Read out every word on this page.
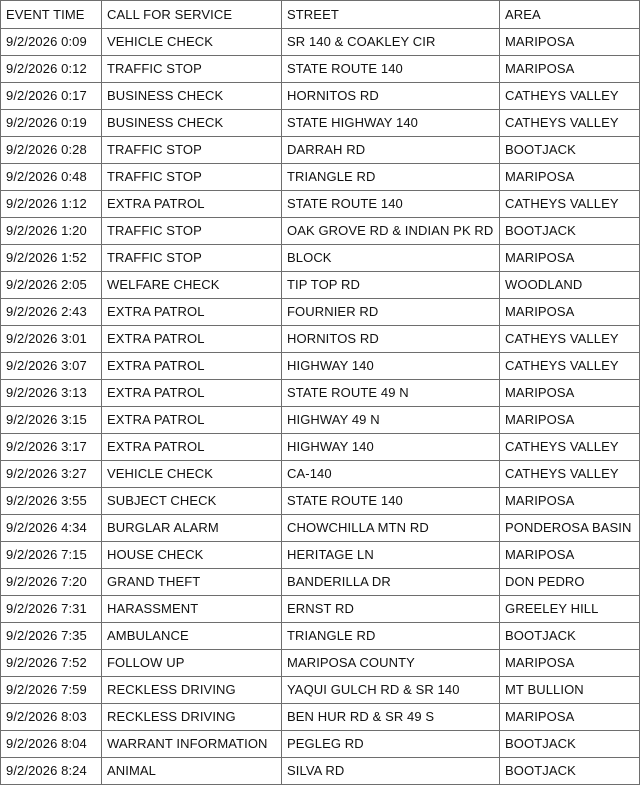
EVENT TIME	CALL FOR SERVICE	STREET	AREA
9/2/2026 0:09	VEHICLE CHECK	SR 140 & COAKLEY CIR	MARIPOSA
9/2/2026 0:12	TRAFFIC STOP	STATE ROUTE 140	MARIPOSA
9/2/2026 0:17	BUSINESS CHECK	HORNITOS RD	CATHEYS VALLEY
9/2/2026 0:19	BUSINESS CHECK	STATE HIGHWAY 140	CATHEYS VALLEY
9/2/2026 0:28	TRAFFIC STOP	DARRAH RD	BOOTJACK
9/2/2026 0:48	TRAFFIC STOP	TRIANGLE RD	MARIPOSA
9/2/2026 1:12	EXTRA PATROL	STATE ROUTE 140	CATHEYS VALLEY
9/2/2026 1:20	TRAFFIC STOP	OAK GROVE RD & INDIAN PK RD	BOOTJACK
9/2/2026 1:52	TRAFFIC STOP	BLOCK	MARIPOSA
9/2/2026 2:05	WELFARE CHECK	TIP TOP RD	WOODLAND
9/2/2026 2:43	EXTRA PATROL	FOURNIER RD	MARIPOSA
9/2/2026 3:01	EXTRA PATROL	HORNITOS RD	CATHEYS VALLEY
9/2/2026 3:07	EXTRA PATROL	HIGHWAY 140	CATHEYS VALLEY
9/2/2026 3:13	EXTRA PATROL	STATE ROUTE 49 N	MARIPOSA
9/2/2026 3:15	EXTRA PATROL	HIGHWAY 49 N	MARIPOSA
9/2/2026 3:17	EXTRA PATROL	HIGHWAY 140	CATHEYS VALLEY
9/2/2026 3:27	VEHICLE CHECK	CA-140	CATHEYS VALLEY
9/2/2026 3:55	SUBJECT CHECK	STATE ROUTE 140	MARIPOSA
9/2/2026 4:34	BURGLAR ALARM	CHOWCHILLA MTN RD	PONDEROSA BASIN
9/2/2026 7:15	HOUSE CHECK	HERITAGE LN	MARIPOSA
9/2/2026 7:20	GRAND THEFT	BANDERILLA DR	DON PEDRO
9/2/2026 7:31	HARASSMENT	ERNST RD	GREELEY HILL
9/2/2026 7:35	AMBULANCE	TRIANGLE RD	BOOTJACK
9/2/2026 7:52	FOLLOW UP	MARIPOSA COUNTY	MARIPOSA
9/2/2026 7:59	RECKLESS DRIVING	YAQUI GULCH RD & SR 140	MT BULLION
9/2/2026 8:03	RECKLESS DRIVING	BEN HUR RD & SR 49 S	MARIPOSA
9/2/2026 8:04	WARRANT INFORMATION	PEGLEG RD	BOOTJACK
9/2/2026 8:24	ANIMAL	SILVA RD	BOOTJACK
